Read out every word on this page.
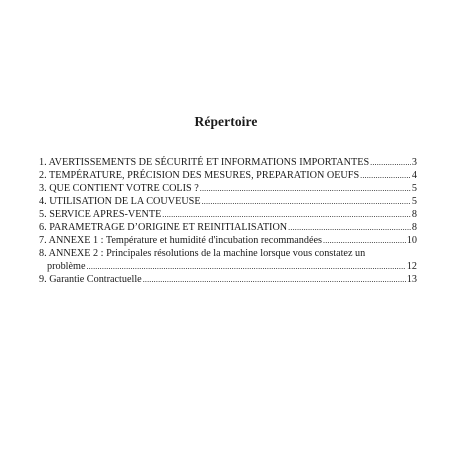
Répertoire
1. AVERTISSEMENTS DE SÉCURITÉ ET INFORMATIONS IMPORTANTES .....	3
2. TEMPÉRATURE, PRÉCISION DES MESURES, PREPARATION OEUFS .....	4
3. QUE CONTIENT VOTRE COLIS ? .....	5
4. UTILISATION DE LA COUVEUSE .....	5
5. SERVICE APRES-VENTE .....	8
6. PARAMETRAGE D’ORIGINE ET REINITIALISATION .....	8
7. ANNEXE 1 : Température et humidité d'incubation recommandées .....	10
8. ANNEXE 2 : Principales résolutions de la machine lorsque vous constatez un
problème .....	12
9. Garantie Contractuelle .....	13
